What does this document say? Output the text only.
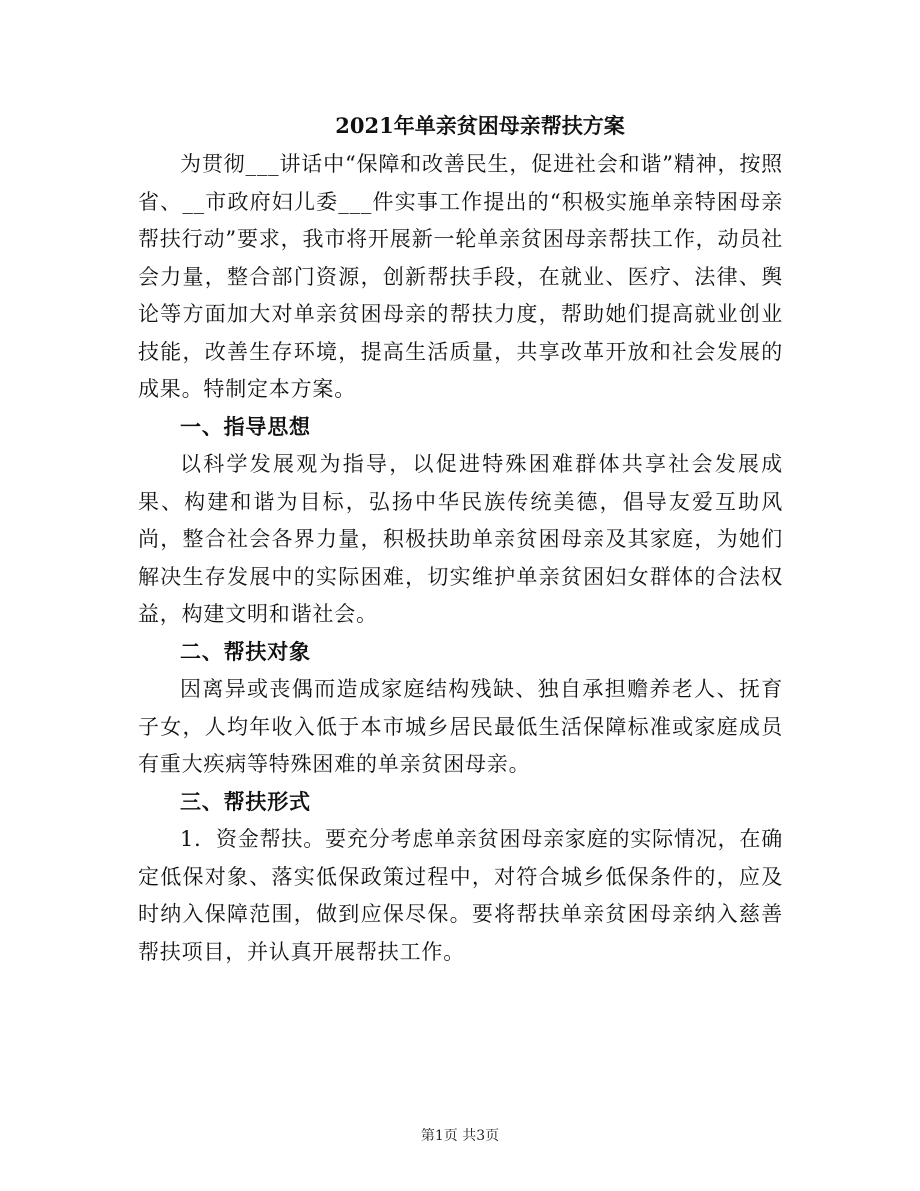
2021年单亲贫困母亲帮扶方案

为贯彻___讲话中“保障和改善民生，促进社会和谐”精神，按照省、__市政府妇儿委___件实事工作提出的“积极实施单亲特困母亲帮扶行动”要求，我市将开展新一轮单亲贫困母亲帮扶工作，动员社会力量，整合部门资源，创新帮扶手段，在就业、医疗、法律、舆论等方面加大对单亲贫困母亲的帮扶力度，帮助她们提高就业创业技能，改善生存环境，提高生活质量，共享改革开放和社会发展的成果。特制定本方案。

一、指导思想

以科学发展观为指导，以促进特殊困难群体共享社会发展成果、构建和谐为目标，弘扬中华民族传统美德，倡导友爱互助风尚，整合社会各界力量，积极扶助单亲贫困母亲及其家庭，为她们解决生存发展中的实际困难，切实维护单亲贫困妇女群体的合法权益，构建文明和谐社会。

二、帮扶对象

因离异或丧偶而造成家庭结构残缺、独自承担赡养老人、抚育子女，人均年收入低于本市城乡居民最低生活保障标准或家庭成员有重大疾病等特殊困难的单亲贫困母亲。

三、帮扶形式

1．资金帮扶。要充分考虑单亲贫困母亲家庭的实际情况，在确定低保对象、落实低保政策过程中，对符合城乡低保条件的，应及时纳入保障范围，做到应保尽保。要将帮扶单亲贫困母亲纳入慈善帮扶项目，并认真开展帮扶工作。

第1页 共3页
